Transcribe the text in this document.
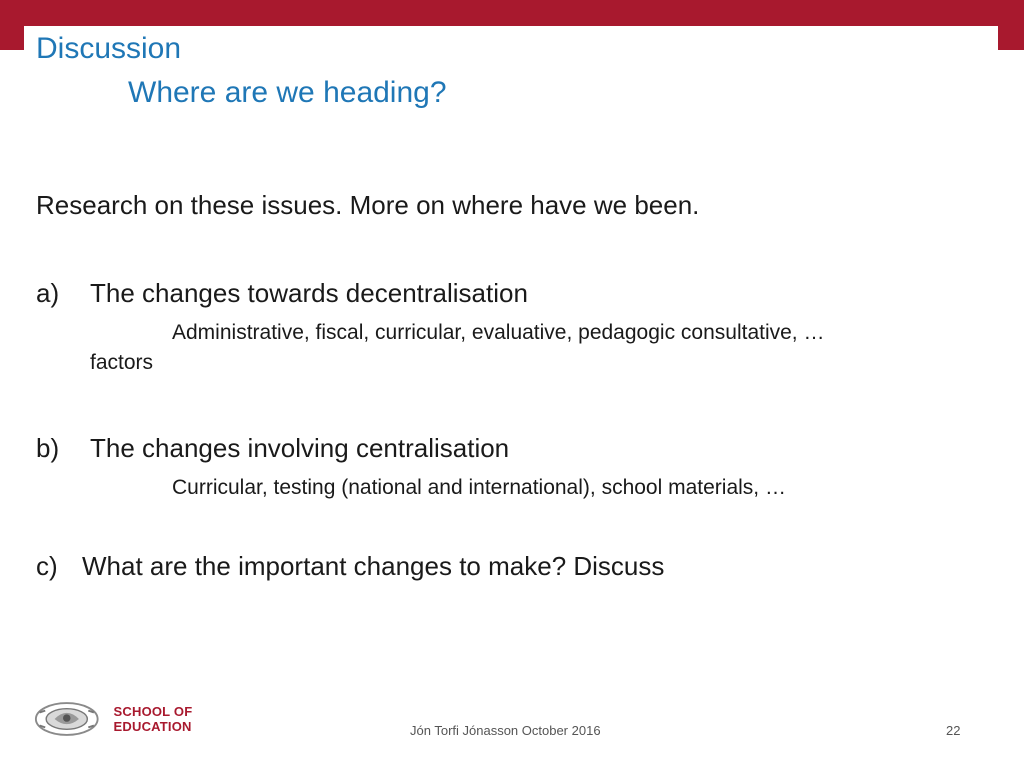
Discussion
Where are we heading?
Research on these issues. More on where have we been.
a) The changes towards decentralisation
Administrative, fiscal, curricular, evaluative, pedagogic consultative, …
factors
b) The changes involving centralisation
Curricular, testing (national and international), school materials, …
c) What are the important changes to make? Discuss
SCHOOL OF EDUCATION	Jón Torfi Jónasson October 2016	22
